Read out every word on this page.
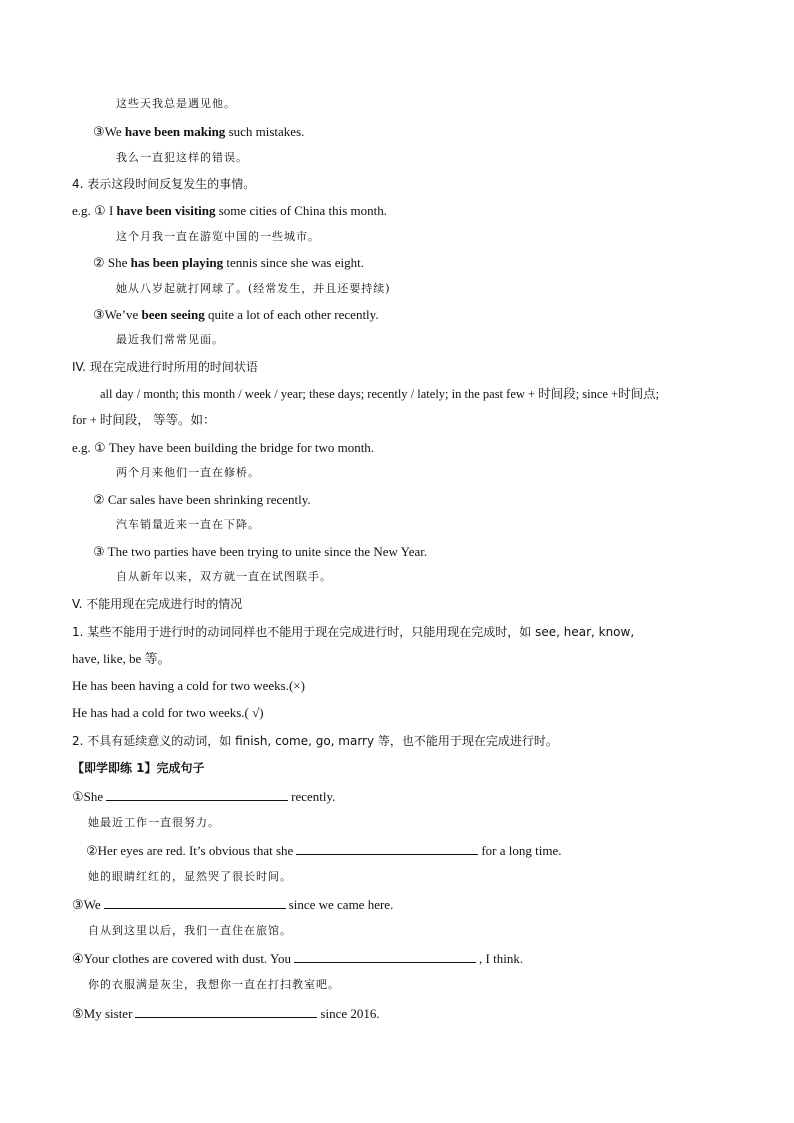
这些天我总是遇见他。
③We have been making such mistakes.
我么一直犯这样的错误。
4. 表示这段时间反复发生的事情。
e.g. ① I have been visiting some cities of China this month.
这个月我一直在游览中国的一些城市。
② She has been playing tennis since she was eight.
她从八岁起就打网球了。(经常发生，并且还要持续)
③We’ve been seeing quite a lot of each other recently.
最近我们常常见面。
IV. 现在完成进行时所用的时间状语
all day / month; this month / week / year; these days; recently / lately; in the past few + 时间段; since +时间点;
for + 时间段， 等等。如：
e.g. ① They have been building the bridge for two month.
两个月来他们一直在修桥。
② Car sales have been shrinking recently.
汽车销量近来一直在下降。
③ The two parties have been trying to unite since the New Year.
自从新年以来，双方就一直在试图联手。
V. 不能用现在完成进行时的情况
1. 某些不能用于进行时的动词同样也不能用于现在完成进行时，只能用现在完成时，如 see, hear, know,
have, like, be 等。
He has been having a cold for two weeks.(×)
He has had a cold for two weeks.( √)
2. 不具有延续意义的动词，如 finish, come, go, marry 等，也不能用于现在完成进行时。
【即学即练 1】完成句子
①She	recently.
她最近工作一直很努力。
②Her eyes are red. It’s obvious that she	for a long time.
她的眼睛红红的，显然哭了很长时间。
③We	since we came here.
自从到这里以后，我们一直住在旅馆。
④Your clothes are covered with dust. You	, I think.
你的衣服满是灰尘，我想你一直在打扫教室吧。
⑤My sister	since 2016.
